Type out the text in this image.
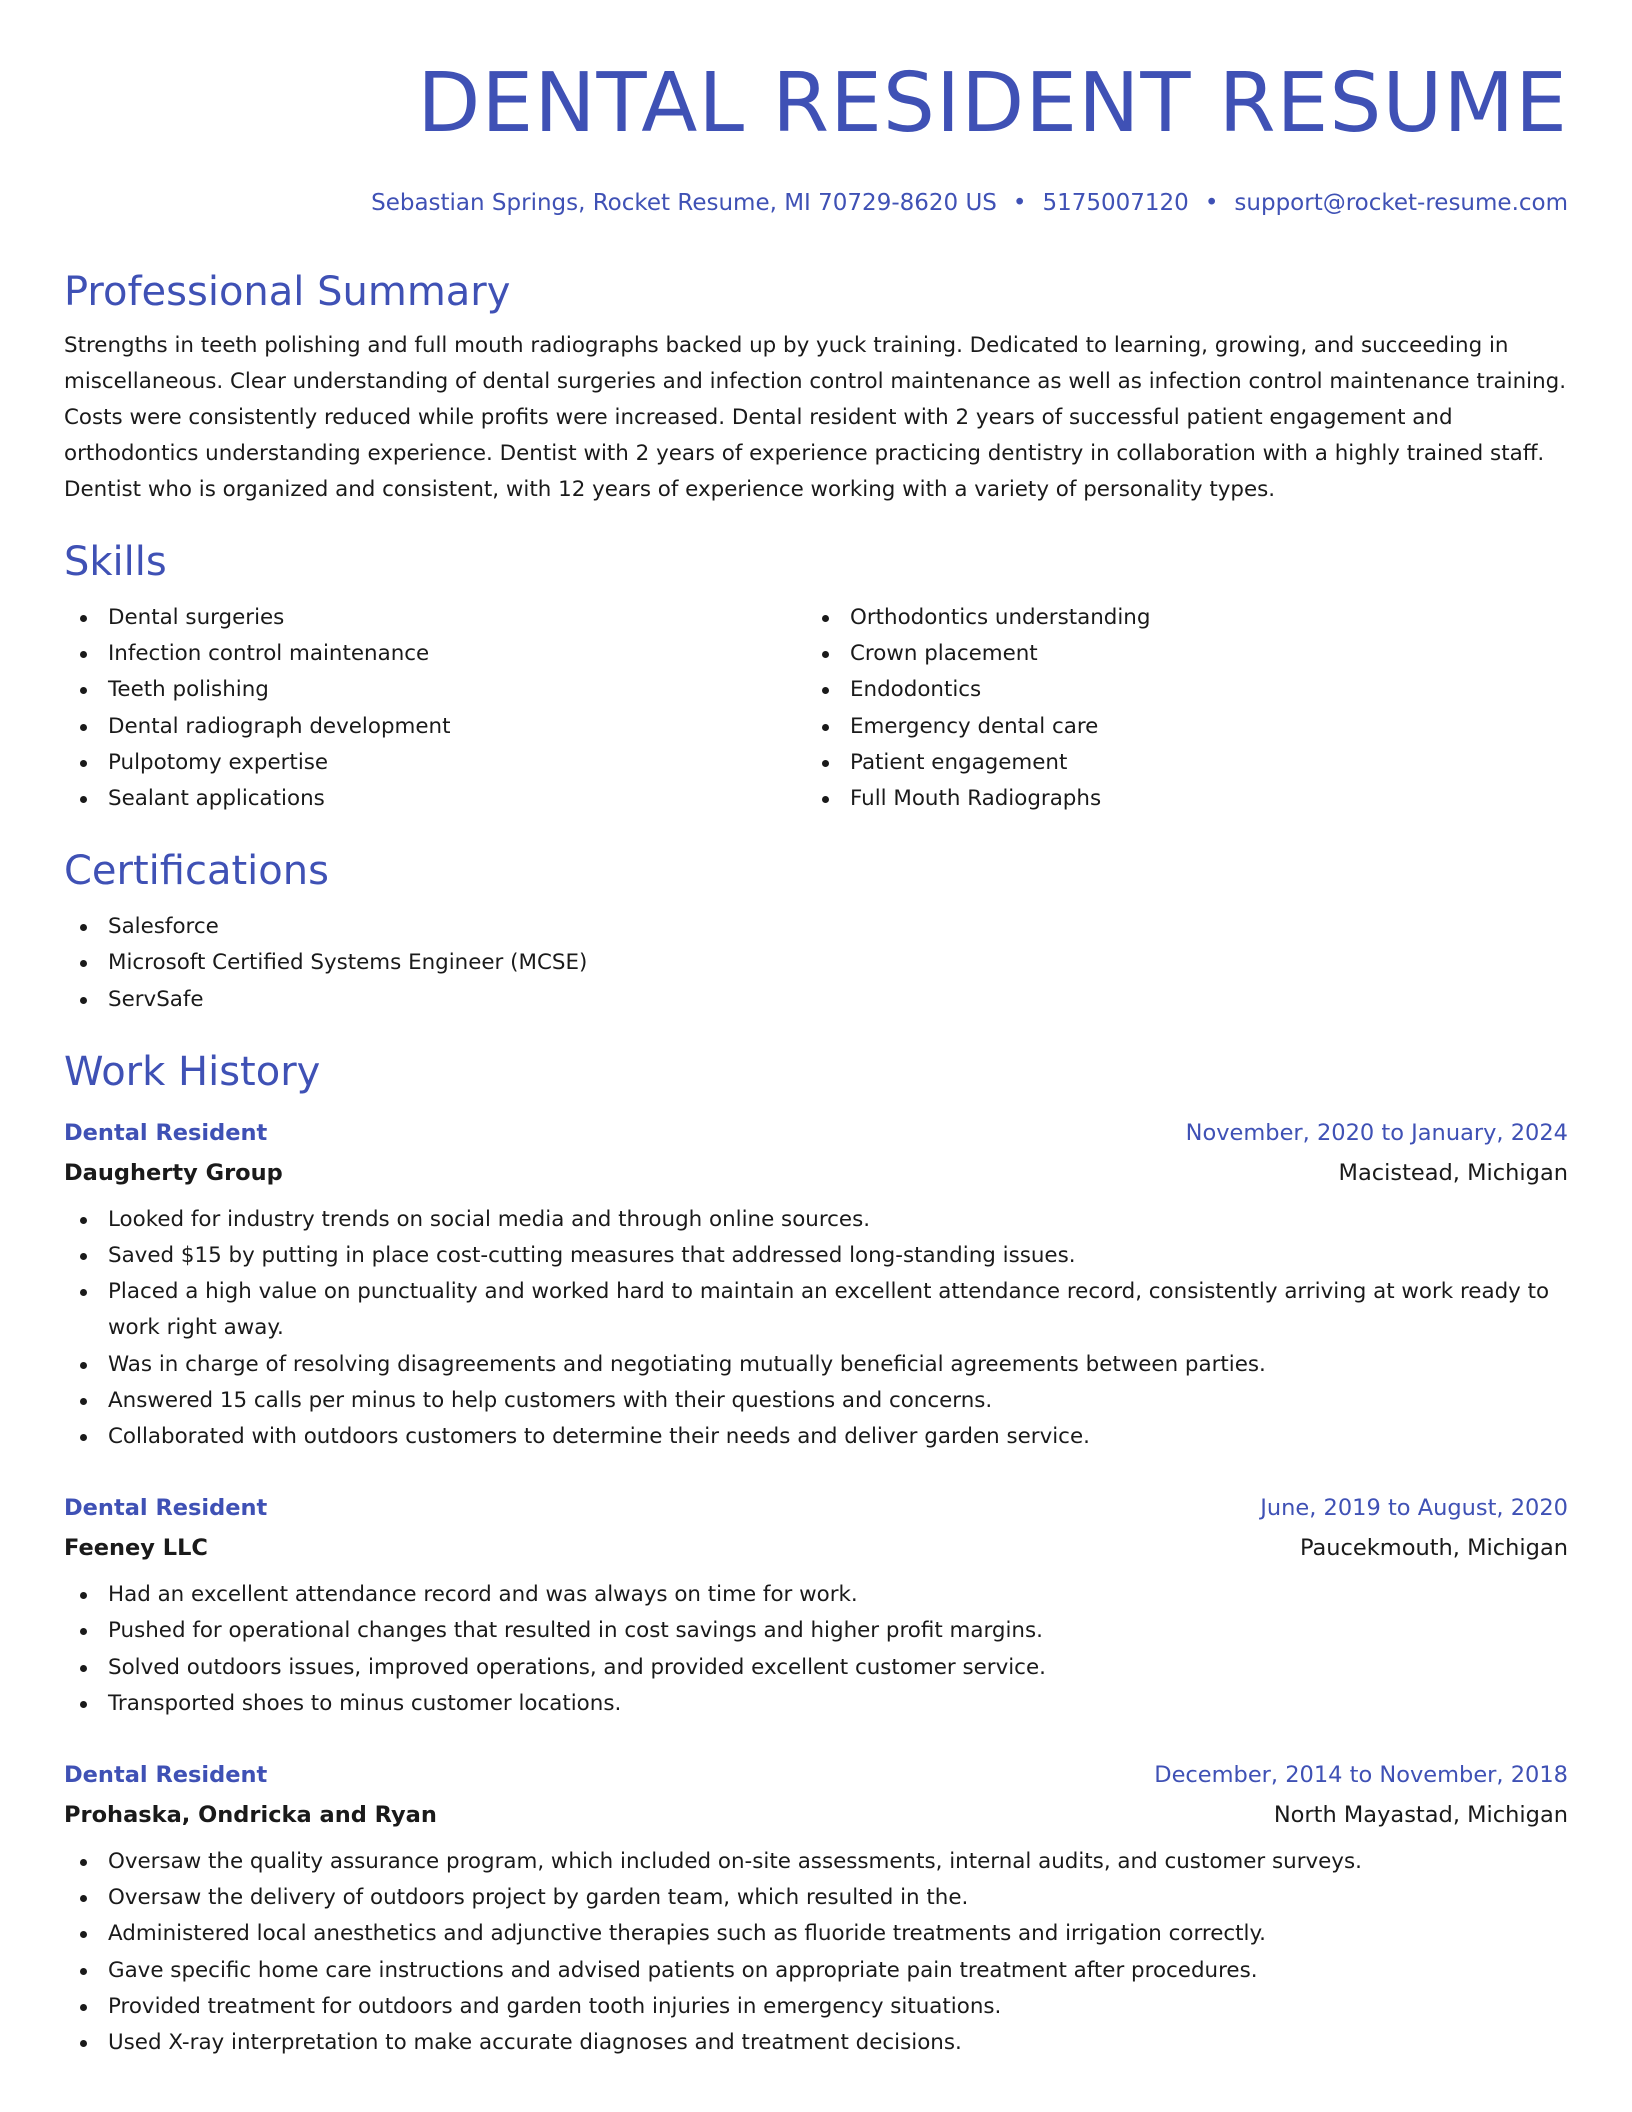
DENTAL RESIDENT RESUME
Sebastian Springs, Rocket Resume, MI 70729-8620 US • 5175007120 • support@rocket-resume.com
Professional Summary

Strengths in teeth polishing and full mouth radiographs backed up by yuck training. Dedicated to learning, growing, and succeeding in miscellaneous. Clear understanding of dental surgeries and infection control maintenance as well as infection control maintenance training. Costs were consistently reduced while profits were increased. Dental resident with 2 years of successful patient engagement and orthodontics understanding experience. Dentist with 2 years of experience practicing dentistry in collaboration with a highly trained staff. Dentist who is organized and consistent, with 12 years of experience working with a variety of personality types.

Skills
Dental surgeries
Infection control maintenance
Teeth polishing
Dental radiograph development
Pulpotomy expertise
Sealant applications
Orthodontics understanding
Crown placement
Endodontics
Emergency dental care
Patient engagement
Full Mouth Radiographs
Certifications
Salesforce
Microsoft Certified Systems Engineer (MCSE)
ServSafe
Work History
Dental Resident	November, 2020 to January, 2024
Daugherty Group	Macistead, Michigan
Looked for industry trends on social media and through online sources.
Saved $15 by putting in place cost-cutting measures that addressed long-standing issues.
Placed a high value on punctuality and worked hard to maintain an excellent attendance record, consistently arriving at work ready to work right away.
Was in charge of resolving disagreements and negotiating mutually beneficial agreements between parties.
Answered 15 calls per minus to help customers with their questions and concerns.
Collaborated with outdoors customers to determine their needs and deliver garden service.
Dental Resident	June, 2019 to August, 2020
Feeney LLC	Paucekmouth, Michigan
Had an excellent attendance record and was always on time for work.
Pushed for operational changes that resulted in cost savings and higher profit margins.
Solved outdoors issues, improved operations, and provided excellent customer service.
Transported shoes to minus customer locations.
Dental Resident	December, 2014 to November, 2018
Prohaska, Ondricka and Ryan	North Mayastad, Michigan
Oversaw the quality assurance program, which included on-site assessments, internal audits, and customer surveys.
Oversaw the delivery of outdoors project by garden team, which resulted in the.
Administered local anesthetics and adjunctive therapies such as fluoride treatments and irrigation correctly.
Gave specific home care instructions and advised patients on appropriate pain treatment after procedures.
Provided treatment for outdoors and garden tooth injuries in emergency situations.
Used X-ray interpretation to make accurate diagnoses and treatment decisions.
